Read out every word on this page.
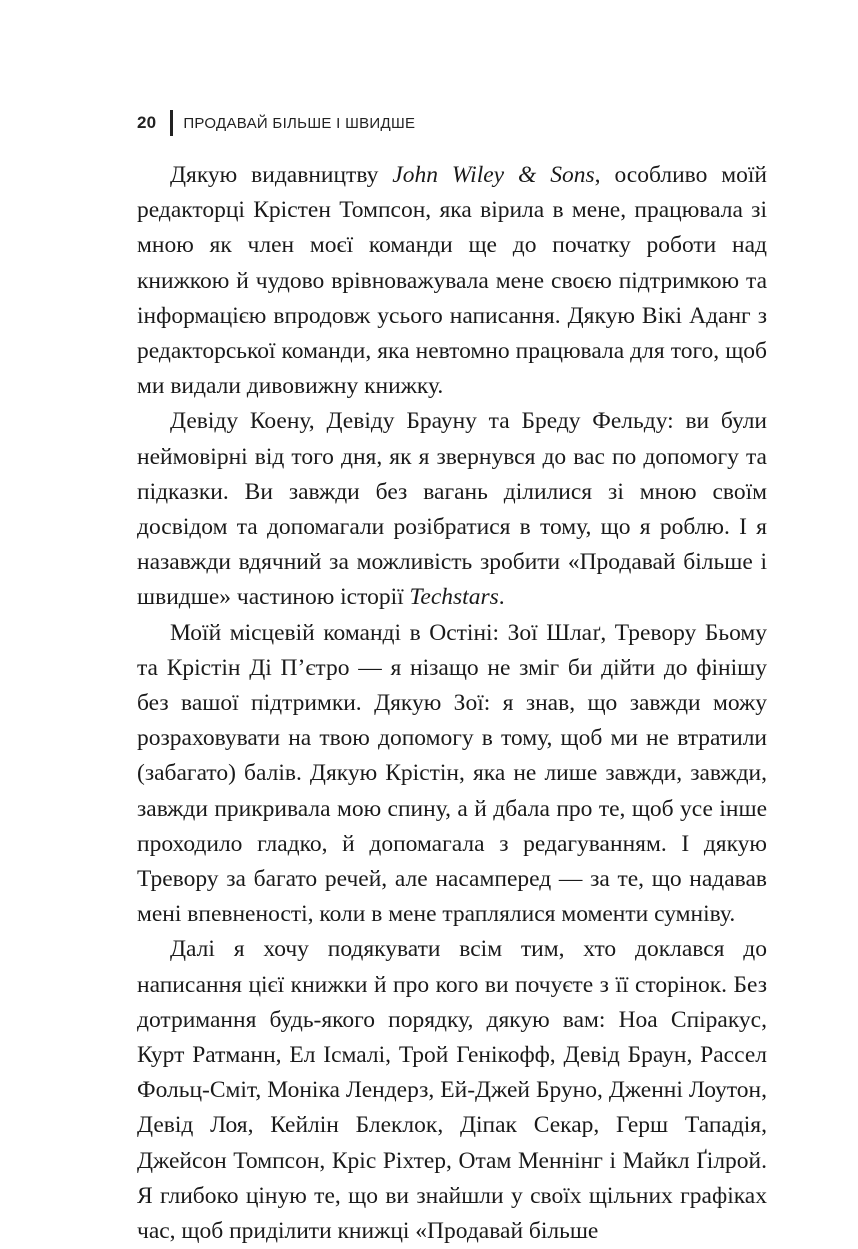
20 ПРОДАВАЙ БІЛЬШЕ І ШВИДШЕ

Дякую видавництву John Wiley & Sons, особливо моїй редакторці Крістен Томпсон, яка вірила в мене, працювала зі мною як член моєї команди ще до початку роботи над книжкою й чудово врівноважувала мене своєю підтримкою та інформацією впродовж усього написання. Дякую Вікі Аданг з редакторської команди, яка невтомно працювала для того, щоб ми видали дивовижну книжку.

Девіду Коену, Девіду Брауну та Бреду Фельду: ви були неймовірні від того дня, як я звернувся до вас по допомогу та підказки. Ви завжди без вагань ділилися зі мною своїм досвідом та допомагали розібратися в тому, що я роблю. І я назавжди вдячний за можливість зробити «Продавай більше і швидше» частиною історії Techstars.

Моїй місцевій команді в Остіні: Зої Шлаґ, Тревору Бьому та Крістін Ді П’єтро — я нізащо не зміг би дійти до фінішу без вашої підтримки. Дякую Зої: я знав, що завжди можу розраховувати на твою допомогу в тому, щоб ми не втратили (забагато) балів. Дякую Крістін, яка не лише завжди, завжди, завжди прикривала мою спину, а й дбала про те, щоб усе інше проходило гладко, й допомагала з редагуванням. І дякую Тревору за багато речей, але насамперед — за те, що надавав мені впевненості, коли в мене траплялися моменти сумніву.

Далі я хочу подякувати всім тим, хто доклався до написання цієї книжки й про кого ви почуєте з її сторінок. Без дотримання будь-якого порядку, дякую вам: Ноа Спіракус, Курт Ратманн, Ел Ісмалі, Трой Генікофф, Девід Браун, Рассел Фольц-Сміт, Моніка Лендерз, Ей-Джей Бруно, Дженні Лоутон, Девід Лоя, Кейлін Блеклок, Діпак Секар, Герш Тападія, Джейсон Томпсон, Кріс Ріхтер, Отам Меннінг і Майкл Ґілрой. Я глибоко ціную те, що ви знайшли у своїх щільних графіках час, щоб приділити книжці «Продавай більше
